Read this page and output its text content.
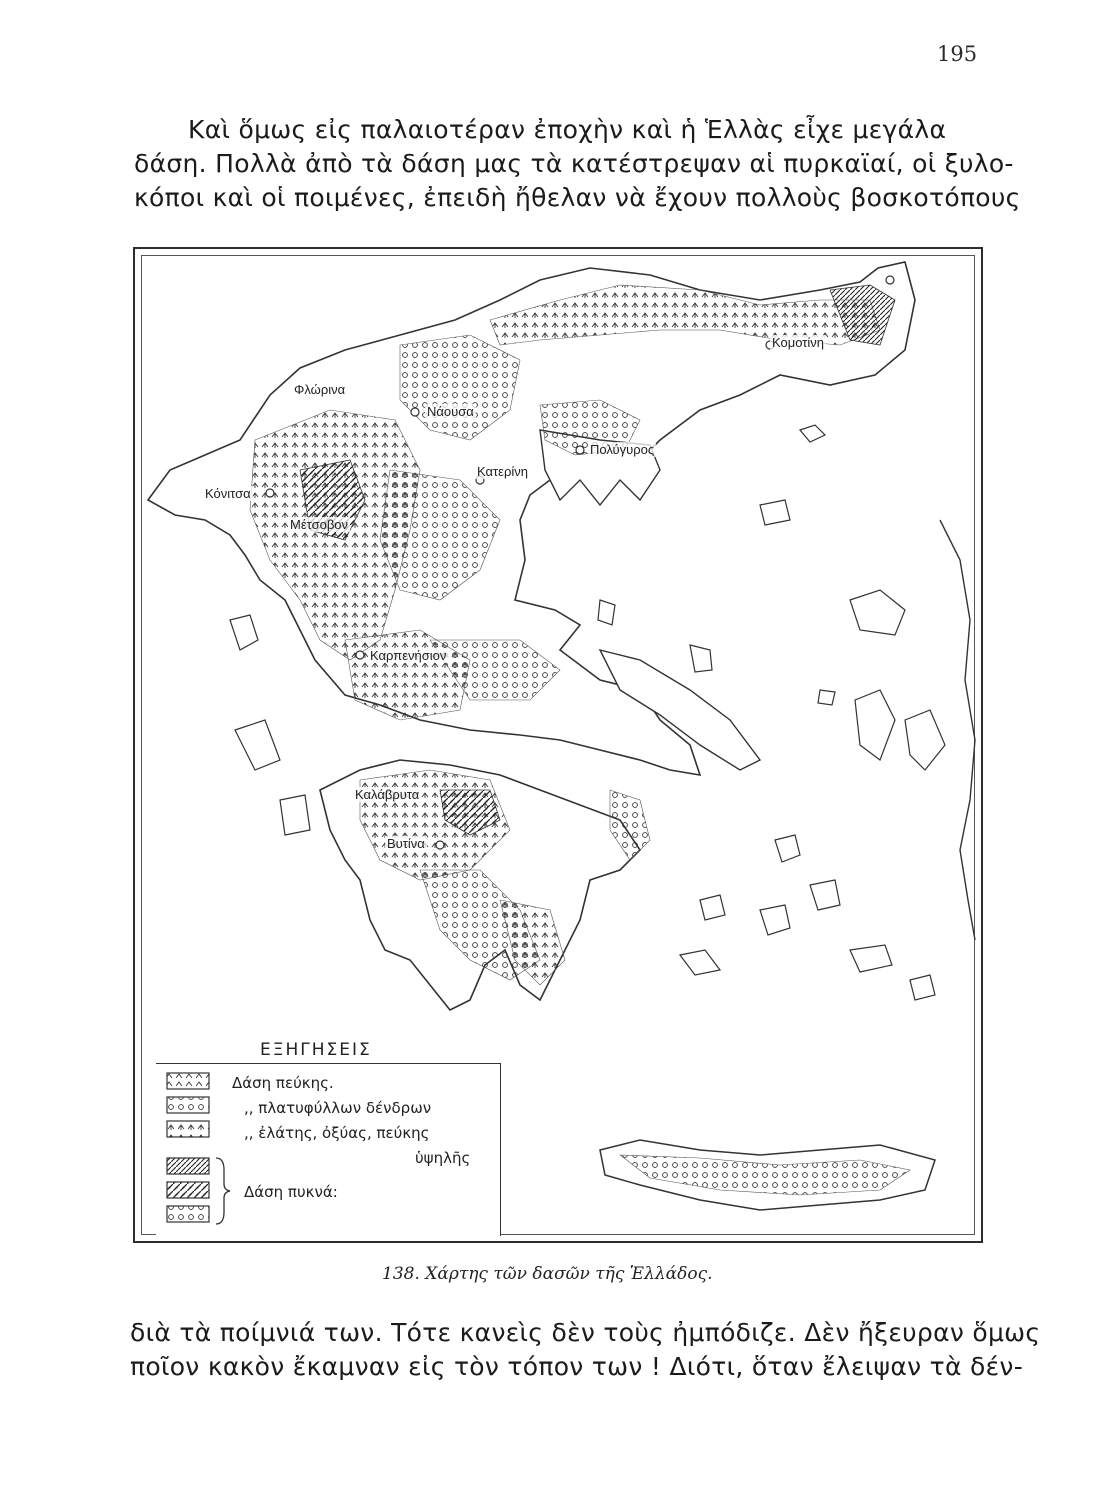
195

Καὶ ὅμως εἰς παλαιοτέραν ἐποχὴν καὶ ἡ Ἑλλὰς εἶχε μεγάλα
δάση. Πολλὰ ἀπὸ τὰ δάση μας τὰ κατέστρεψαν αἱ πυρκαϊαί, οἱ ξυλο-
κόποι καὶ οἱ ποιμένες, ἐπειδὴ ἤθελαν νὰ ἔχουν πολλοὺς βοσκοτόπους

Κομοτίνη
Φλώρινα
Νάουσα
Πολύγυρος
Κατερίνη
Κόνιτσα
Μέτσοβον
Καρπενήσιον
Καλάβρυτα
Βυτίνα
ΕΞΗΓΗΣΕΙΣ
Δάση πεύκης.
,, πλατυφύλλων δένδρων
,, ἐλάτης, ὀξύας, πεύκης
ὑψηλῆς
Δάση πυκνά:
138. Χάρτης τῶν δασῶν τῆς Ἑλλάδος.

διὰ τὰ ποίμνιά των. Τότε κανεὶς δὲν τοὺς ἠμπόδιζε. Δὲν ἤξευραν ὅμως
ποῖον κακὸν ἔκαμναν εἰς τὸν τόπον των ! Διότι, ὅταν ἔλειψαν τὰ δέν-
